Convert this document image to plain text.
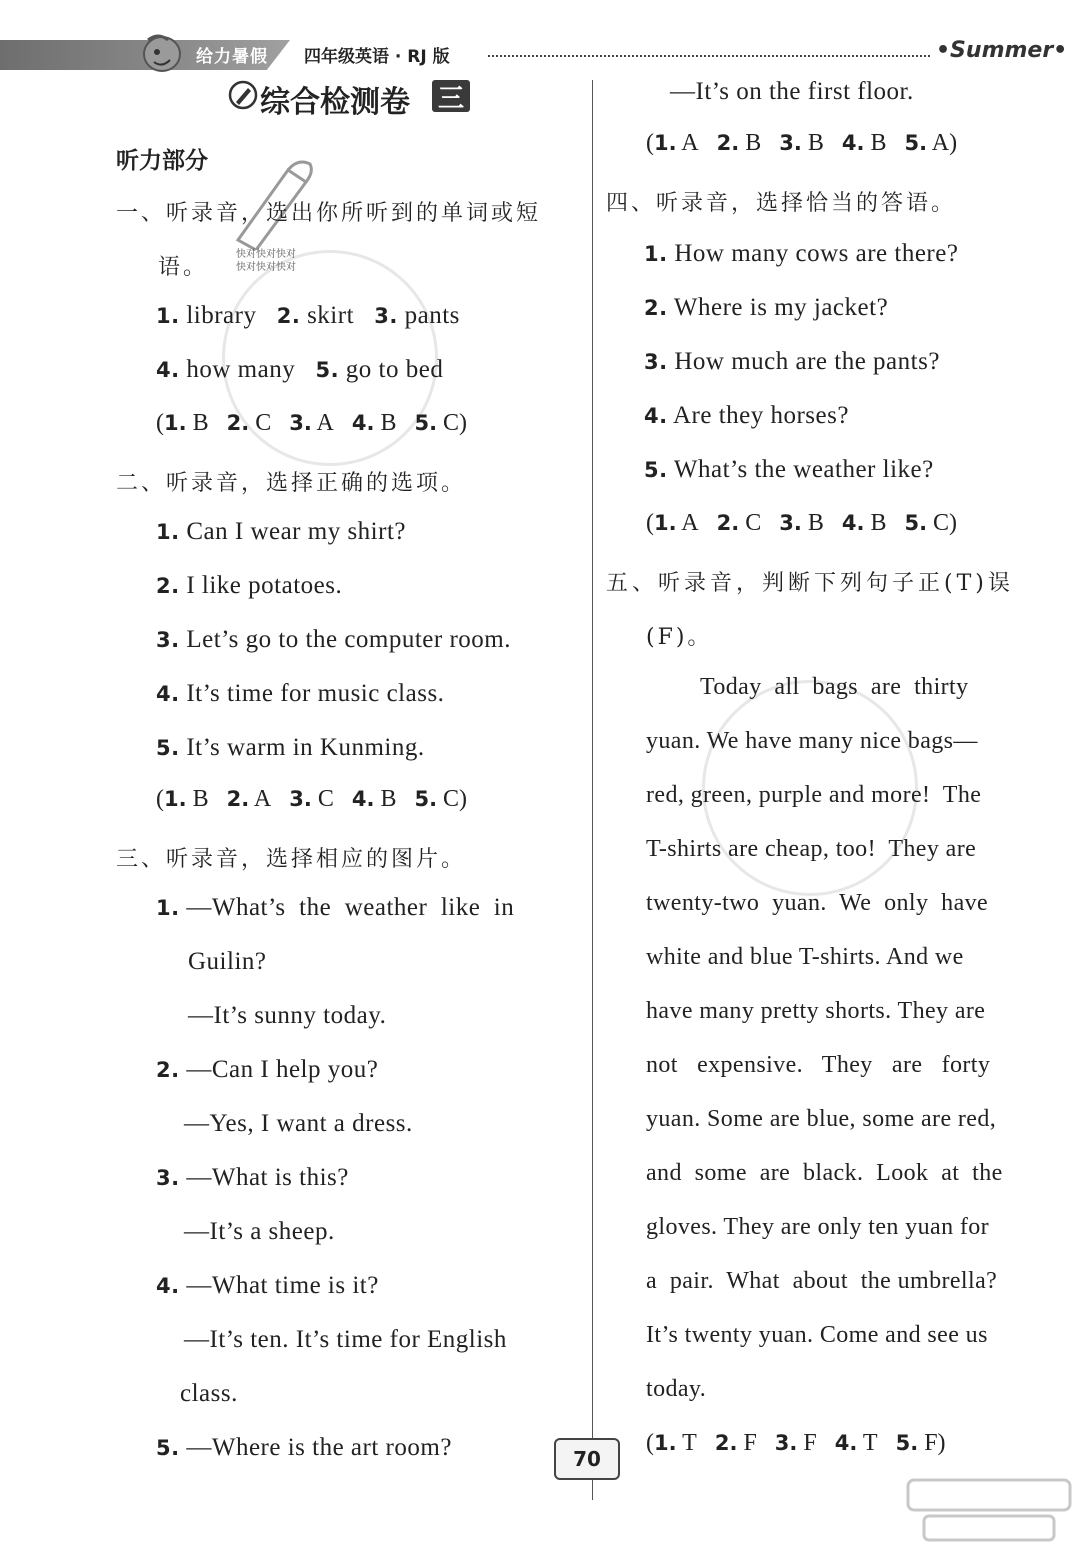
给力暑假 四年级英语 · RJ 版	•Summer•
快对快对快对
快对快对快对
综合检测卷 三
听力部分
一、听录音，选出你所听到的单词或短
语。
1. library 2. skirt 3. pants
4. how many 5. go to bed
(1. B 2. C 3. A 4. B 5. C)
二、听录音，选择正确的选项。
1. Can I wear my shirt?
2. I like potatoes.
3. Let’s go to the computer room.
4. It’s time for music class.
5. It’s warm in Kunming.
(1. B 2. A 3. C 4. B 5. C)
三、听录音，选择相应的图片。
1. —What’s  the  weather  like  in
Guilin?
—It’s sunny today.
2. —Can I help you?
—Yes, I want a dress.
3. —What is this?
—It’s a sheep.
4. —What time is it?
—It’s ten. It’s time for English
class.
5. —Where is the art room?
—It’s on the first floor.
(1. A 2. B 3. B 4. B 5. A)
四、听录音，选择恰当的答语。
1. How many cows are there?
2. Where is my jacket?
3. How much are the pants?
4. Are they horses?
5. What’s the weather like?
(1. A 2. C 3. B 4. B 5. C)
五、听录音，判断下列句子正(T)误
(F)。
Today  all  bags  are  thirty
yuan. We have many nice bags—
red, green, purple and more!  The
T-shirts are cheap, too!  They are
twenty-two  yuan.  We  only  have
white and blue T-shirts. And we
have many pretty shorts. They are
not   expensive.   They   are   forty
yuan. Some are blue, some are red,
and  some  are  black.  Look  at  the
gloves. They are only ten yuan for
a  pair.  What  about  the umbrella?
It’s twenty yuan. Come and see us
today.
(1. T 2. F 3. F 4. T 5. F)
70
